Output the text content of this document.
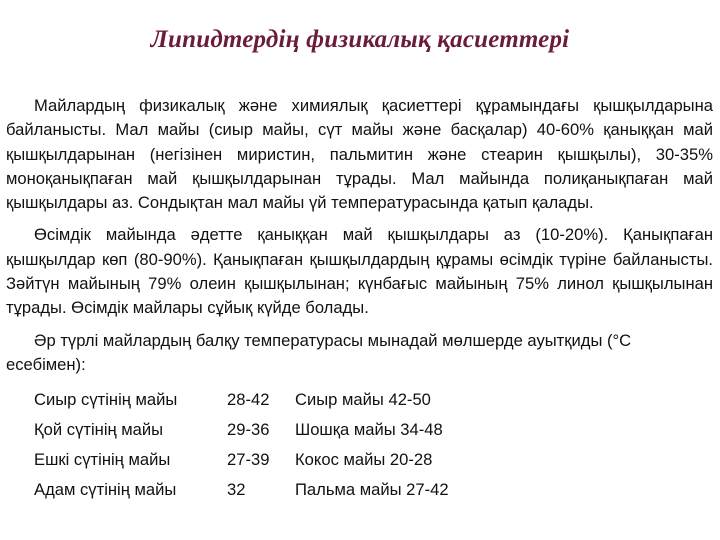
Липидтердің физикалық қасиеттері

Майлардың физикалық және химиялық қасиеттері құрамындағы қышқылдарына байланысты. Мал майы (сиыр майы, сүт майы және басқалар) 40-60% қаныққан май қышқылдарынан (негізінен миристин, пальмитин және стеарин қышқылы), 30-35% моноқанықпаған май қышқылдарынан тұрады. Мал майында полиқанықпаған май қышқылдары аз. Сондықтан мал майы үй температурасында қатып қалады.

Өсімдік майында әдетте қаныққан май қышқылдары аз (10-20%). Қанықпаған қышқылдар көп (80-90%). Қанықпаған қышқылдардың құрамы өсімдік түріне байланысты. Зәйтүн майының 79% олеин қышқылынан; күнбағыс майының 75% линол қышқылынан тұрады. Өсімдік майлары сұйық күйде болады.

Әр түрлі майлардың балқу температурасы мынадай мөлшерде ауытқиды (°С есебімен):

Сиыр сүтінің майы	28-42	Сиыр майы 42-50
Қой сүтінің майы	29-36	Шошқа майы 34-48
Ешкі сүтінің майы	27-39	Кокос майы 20-28
Адам сүтінің майы	32	Пальма майы 27-42
